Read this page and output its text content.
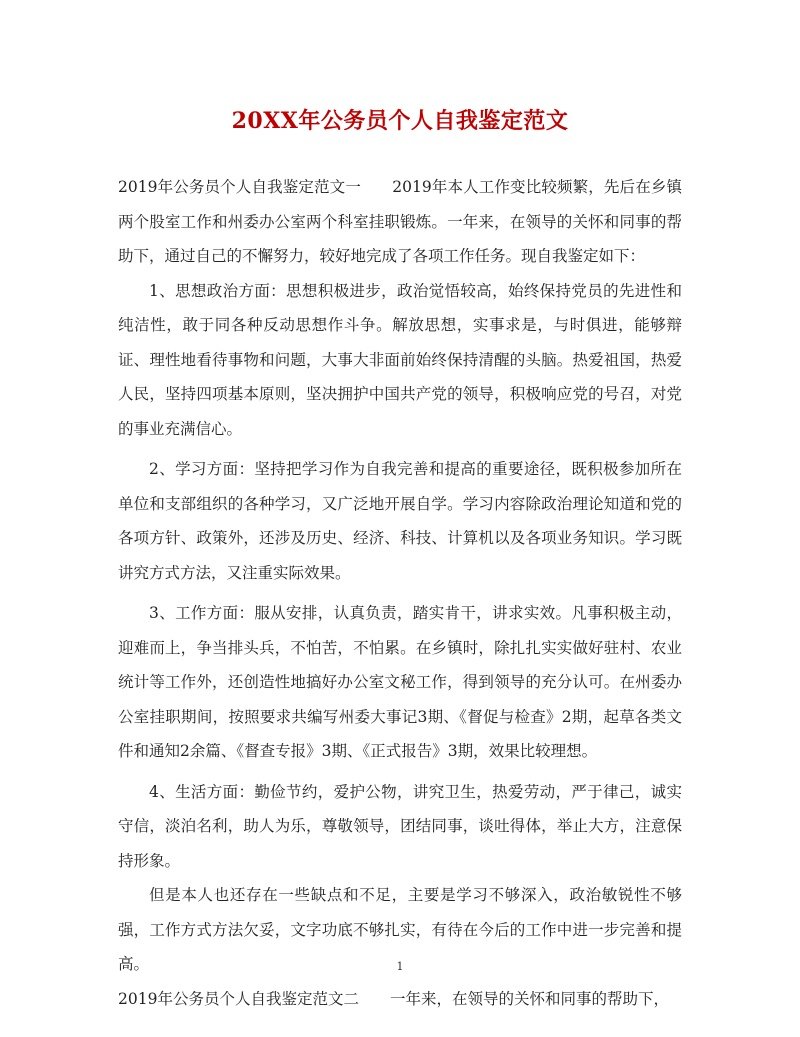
20XX年公务员个人自我鉴定范文

2019年公务员个人自我鉴定范文一　　2019年本人工作变比较频繁，先后在乡镇两个股室工作和州委办公室两个科室挂职锻炼。一年来，在领导的关怀和同事的帮助下，通过自己的不懈努力，较好地完成了各项工作任务。现自我鉴定如下：

1、思想政治方面：思想积极进步，政治觉悟较高，始终保持党员的先进性和纯洁性，敢于同各种反动思想作斗争。解放思想，实事求是，与时俱进，能够辩证、理性地看待事物和问题，大事大非面前始终保持清醒的头脑。热爱祖国，热爱人民，坚持四项基本原则，坚决拥护中国共产党的领导，积极响应党的号召，对党的事业充满信心。

2、学习方面：坚持把学习作为自我完善和提高的重要途径，既积极参加所在单位和支部组织的各种学习，又广泛地开展自学。学习内容除政治理论知道和党的各项方针、政策外，还涉及历史、经济、科技、计算机以及各项业务知识。学习既讲究方式方法，又注重实际效果。

3、工作方面：服从安排，认真负责，踏实肯干，讲求实效。凡事积极主动，迎难而上，争当排头兵，不怕苦，不怕累。在乡镇时，除扎扎实实做好驻村、农业统计等工作外，还创造性地搞好办公室文秘工作，得到领导的充分认可。在州委办公室挂职期间，按照要求共编写州委大事记3期、《督促与检查》2期，起草各类文件和通知2余篇、《督查专报》3期、《正式报告》3期，效果比较理想。

4、生活方面：勤俭节约，爱护公物，讲究卫生，热爱劳动，严于律己，诚实守信，淡泊名利，助人为乐，尊敬领导，团结同事，谈吐得体，举止大方，注意保持形象。

但是本人也还存在一些缺点和不足，主要是学习不够深入，政治敏锐性不够强，工作方式方法欠妥，文字功底不够扎实，有待在今后的工作中进一步完善和提高。

2019年公务员个人自我鉴定范文二　　一年来，在领导的关怀和同事的帮助下，

1
